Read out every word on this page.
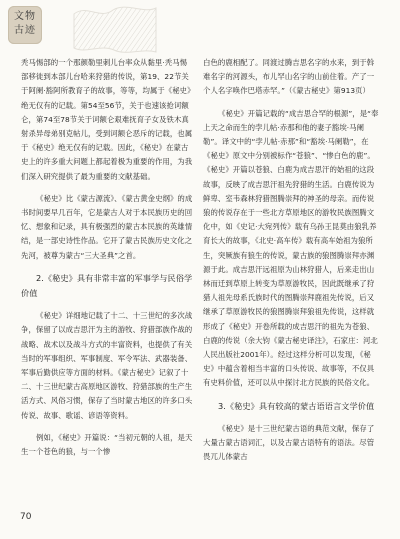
文物
古迹

秃马惕部的一个那颜勒里刺儿台率众从黏里·秃马惕部移徙到本部儿台哈来狩猎的传说，第19、22节关于阿阑·豁阿所教育子的故事，等等，均属于《秘史》绝无仅有的记载。第54至56节，关于也速该抢诃额仑，第74至78节关于诃额仑艰难抚育子女及铁木真射杀异母弟别克帖儿，受到诃额仑恶斥的记载，也属于《秘史》绝无仅有的记载。因此，《秘史》在蒙古史上的许多重大问题上都起着极为重要的作用，为我们深入研究提供了最为重要的文献基础。

《秘史》比《蒙古源流》、《蒙古黄金史纲》的成书时间要早几百年，它是蒙古人对于本民族历史的回忆、想象和记录，具有极强烈的蒙古本民族的英雄情结，是一部史诗性作品。它开了蒙古民族历史文化之先河，被尊为蒙古“三大圣典”之首。

2.《秘史》具有非常丰富的军事学与民俗学价值

《秘史》详细地记载了十二、十三世纪的多次战争，保留了以成吉思汗为主的游牧、狩猎部族作战的战略、战术以及战斗方式的丰富资料，也提供了有关当时的军事组织、军事制度、军令军法、武器装备、军事后勤供应等方面的材料。《蒙古秘史》记叙了十二、十三世纪蒙古高原地区游牧、狩猎部族的生产生活方式、风俗习惯，保存了当时蒙古地区的许多口头传说、故事、歌谣、谚语等资料。

例如，《秘史》开篇说：“当初元朝的人祖，是天生一个苍色的狼，与一个惨

白色的鹿相配了。同渡过腾吉思名字的水来，到于斡难名字的河源头，布儿罕山名字的山前住着。产了一个人名字唤作巴塔赤罕。”（《蒙古秘史》第913页）

《秘史》开篇记载的“成吉思合罕的根源”，是“奉上天之命而生的孛儿帖·赤那和他的妻子豁埃·马阑勒”。译文中的“孛儿帖·赤那”和“豁埃·马阑勒”，在《秘史》原文中分别被标作“苍狼”、“惨白色的鹿”。《秘史》开篇以苍狼、白鹿为成吉思汗的始祖的这段故事，反映了成吉思汗祖先狩猎的生活。白鹿传说为鲜卑、室韦森林狩猎图腾崇拜的神圣的母亲。而传说狼的传说存在于一些北方草原地区的游牧民族图腾文化中，如《史记·大宛列传》载有乌孙王昆莫由狼乳养育长大的故事，《北史·高车传》载有高车始祖为狼所生，突厥族有狼生的传说，蒙古族的狼图腾崇拜亦渊源于此。成吉思汗远祖原为山林狩猎人，后来走出山林而迁到草原上转变为草原游牧民，因此既继承了狩猎人祖先母系氏族时代的图腾崇拜鹿祖先传说，后又继承了草原游牧民的狼图腾崇拜狼祖先传说，这样就形成了《秘史》开卷所载的成吉思汗的祖先为苍狼、白鹿的传说（余大钧《蒙古秘史译注》，石家庄：河北人民出版社2001年）。经过这样分析可以发现，《秘史》中蕴含着相当丰富的口头传说、故事等，不仅具有史料价值，还可以从中探讨北方民族的民俗文化。

3.《秘史》具有较高的蒙古语语言文学价值

《秘史》是十三世纪蒙古语的典范文献，保存了大量古蒙古语词汇，以及古蒙古语特有的语法。尽管畏兀儿体蒙古

70
